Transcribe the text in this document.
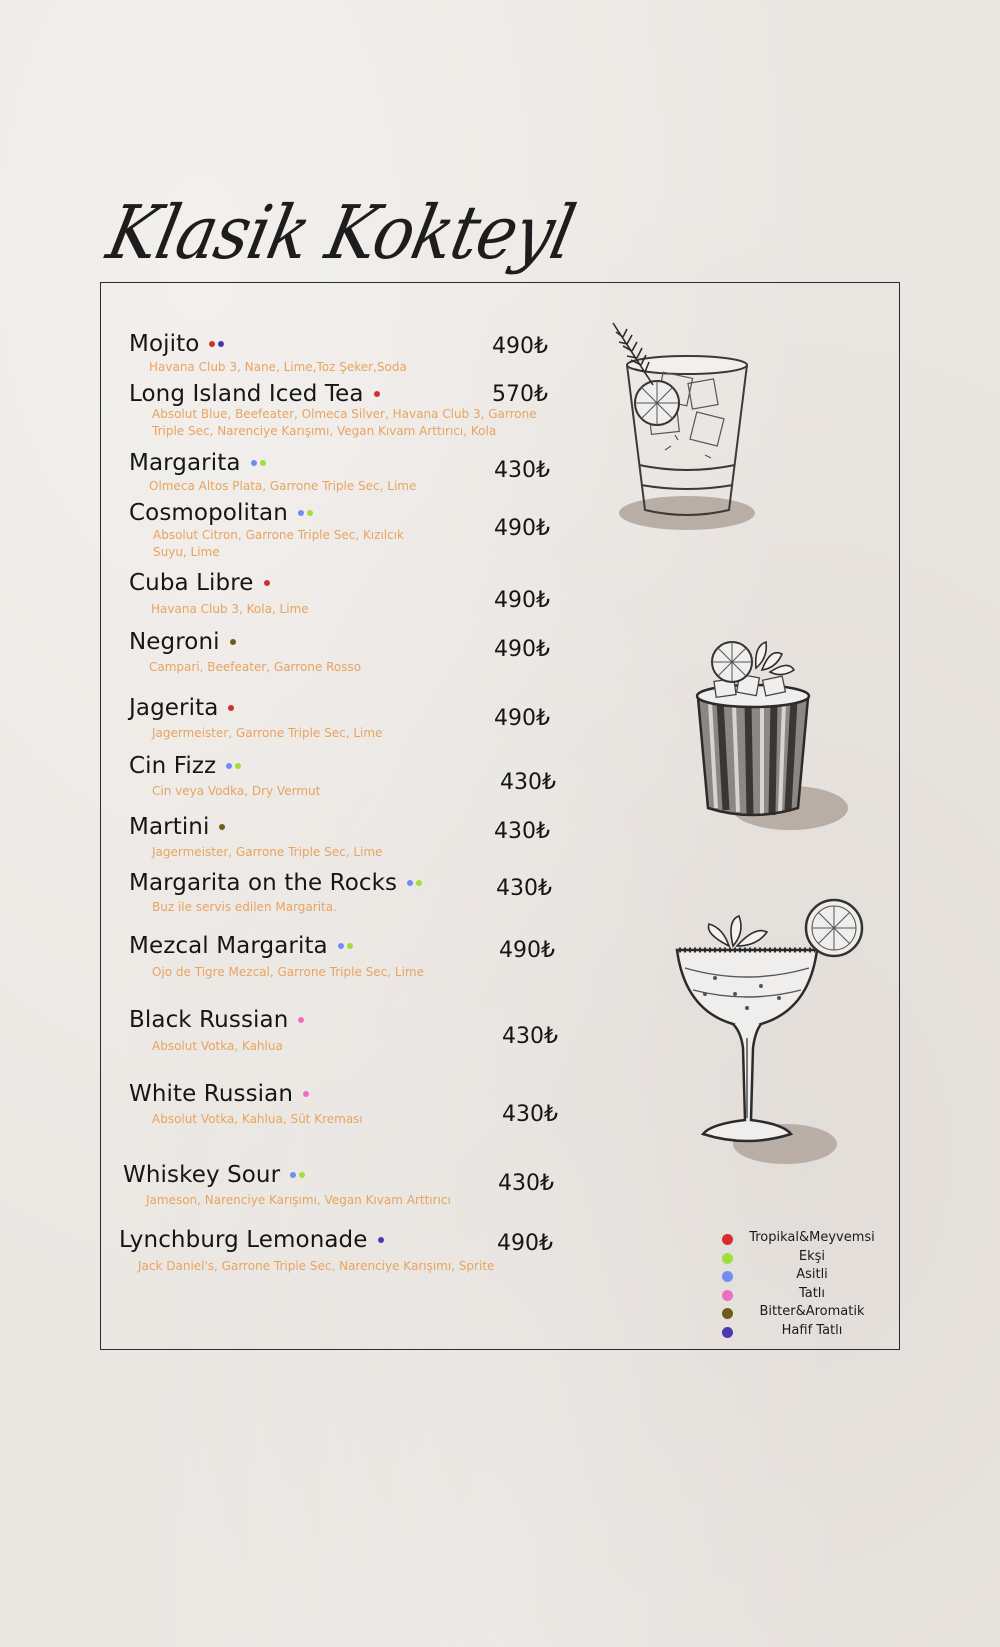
Klasik Kokteyl
Mojito
Havana Club 3, Nane, Lime,Toz Şeker,Soda
490₺
Long Island Iced Tea
Absolut Blue, Beefeater, Olmeca Silver, Havana Club 3, Garrone
Triple Sec, Narenciye Karışımı, Vegan Kıvam Arttırıcı, Kola
570₺
Margarita
Olmeca Altos Plata, Garrone Triple Sec, Lime
430₺
Cosmopolitan
Absolut Citron, Garrone Triple Sec, Kızılcık
Suyu, Lime
490₺
Cuba Libre
Havana Club 3, Kola, Lime	490₺
Negroni
Campari, Beefeater, Garrone Rosso
490₺
Jagerita
Jagermeister, Garrone Triple Sec, Lime
490₺
Cin Fizz
Cin veya Vodka, Dry Vermut	430₺
Martini
Jagermeister, Garrone Triple Sec, Lime
430₺
Margarita on the Rocks
Buz ile servis edilen Margarita.
430₺
Mezcal Margarita
Ojo de Tigre Mezcal, Garrone Triple Sec, Lime
490₺
Black Russian
Absolut Votka, Kahlua	430₺
White Russian
Absolut Votka, Kahlua, Süt Kreması	430₺
Whiskey Sour
Jameson, Narenciye Karışımı, Vegan Kıvam Arttırıcı
430₺
Lynchburg Lemonade
Jack Daniel's, Garrone Triple Sec, Narenciye Karışımı, Sprite
490₺	Tropikal&Meyvemsi
Ekşi
Asitli
Tatlı
Bitter&Aromatik
Hafif Tatlı
